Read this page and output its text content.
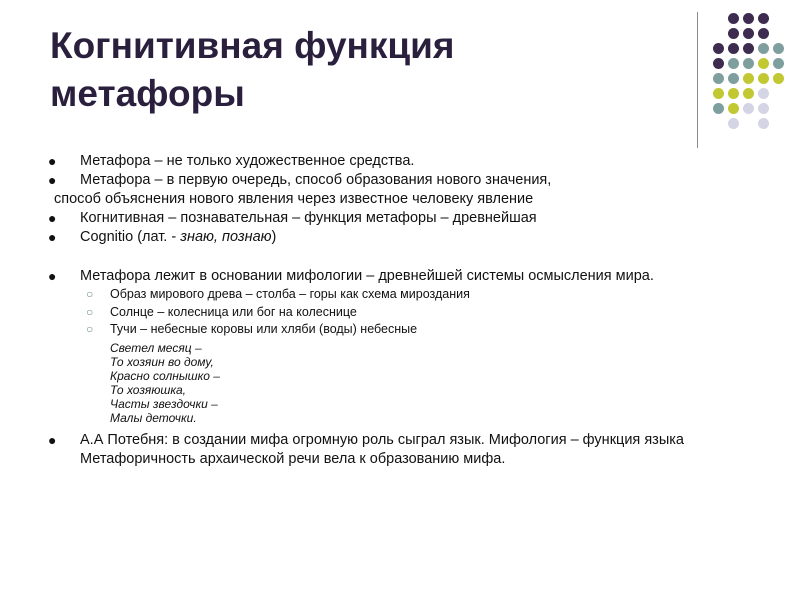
Когнитивная функция
метафоры

● Метафора – не только художественное средства.

● Метафора – в первую очередь, способ образования нового значения,

способ объяснения нового явления через известное человеку явление

● Когнитивная – познавательная – функция метафоры – древнейшая

● Cognitio (лат. - знаю, познаю)

● Метафора лежит в основании мифологии – древнейшей системы осмысления мира.

○ Образ мирового древа – столба – горы как схема мироздания

○ Солнце – колесница или бог на колеснице

○ Тучи – небесные коровы или хляби (воды) небесные

Светел месяц –
То хозяин во дому,
Красно солнышко –
То хозяюшка,
Часты звездочки –
Малы деточки.

● А.А Потебня: в создании мифа огромную роль сыграл язык. Мифология – функция языка Метафоричность архаической речи вела к образованию мифа.
